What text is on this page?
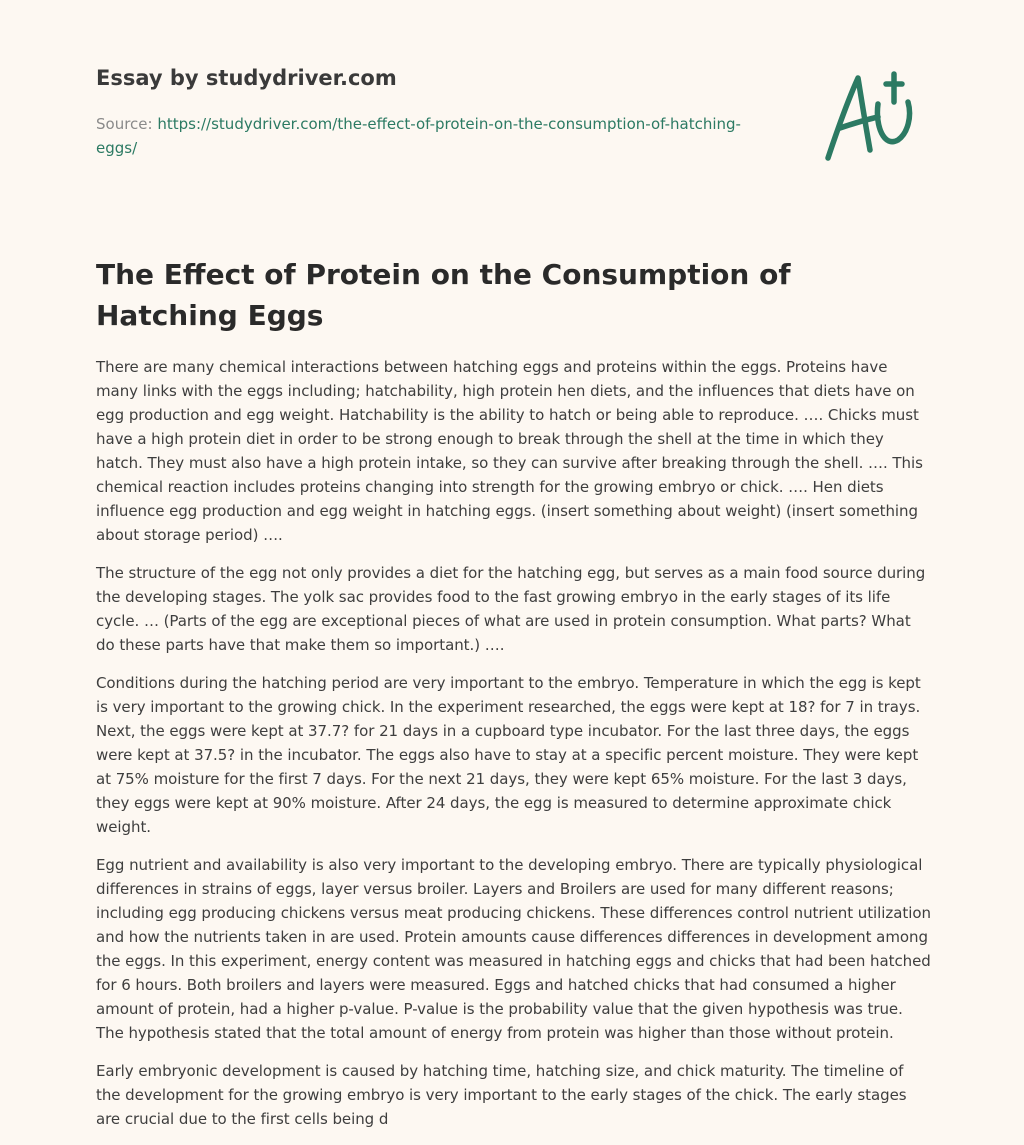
Essay by studydriver.com
Source: https://studydriver.com/the-effect-of-protein-on-the-consumption-of-hatching-eggs/
The Effect of Protein on the Consumption of Hatching Eggs

There are many chemical interactions between hatching eggs and proteins within the eggs. Proteins have many links with the eggs including; hatchability, high protein hen diets, and the influences that diets have on egg production and egg weight. Hatchability is the ability to hatch or being able to reproduce. …. Chicks must have a high protein diet in order to be strong enough to break through the shell at the time in which they hatch. They must also have a high protein intake, so they can survive after breaking through the shell. …. This chemical reaction includes proteins changing into strength for the growing embryo or chick. …. Hen diets influence egg production and egg weight in hatching eggs. (insert something about weight) (insert something about storage period) ….

The structure of the egg not only provides a diet for the hatching egg, but serves as a main food source during the developing stages. The yolk sac provides food to the fast growing embryo in the early stages of its life cycle. … (Parts of the egg are exceptional pieces of what are used in protein consumption. What parts? What do these parts have that make them so important.) ….

Conditions during the hatching period are very important to the embryo. Temperature in which the egg is kept is very important to the growing chick. In the experiment researched, the eggs were kept at 18? for 7 in trays. Next, the eggs were kept at 37.7? for 21 days in a cupboard type incubator. For the last three days, the eggs were kept at 37.5? in the incubator. The eggs also have to stay at a specific percent moisture. They were kept at 75% moisture for the first 7 days. For the next 21 days, they were kept 65% moisture. For the last 3 days, they eggs were kept at 90% moisture. After 24 days, the egg is measured to determine approximate chick weight.

Egg nutrient and availability is also very important to the developing embryo. There are typically physiological differences in strains of eggs, layer versus broiler. Layers and Broilers are used for many different reasons; including egg producing chickens versus meat producing chickens. These differences control nutrient utilization and how the nutrients taken in are used. Protein amounts cause differences differences in development among the eggs. In this experiment, energy content was measured in hatching eggs and chicks that had been hatched for 6 hours. Both broilers and layers were measured. Eggs and hatched chicks that had consumed a higher amount of protein, had a higher p-value. P-value is the probability value that the given hypothesis was true. The hypothesis stated that the total amount of energy from protein was higher than those without protein.

Early embryonic development is caused by hatching time, hatching size, and chick maturity. The timeline of the development for the growing embryo is very important to the early stages of the chick. The early stages are crucial due to the first cells being d
